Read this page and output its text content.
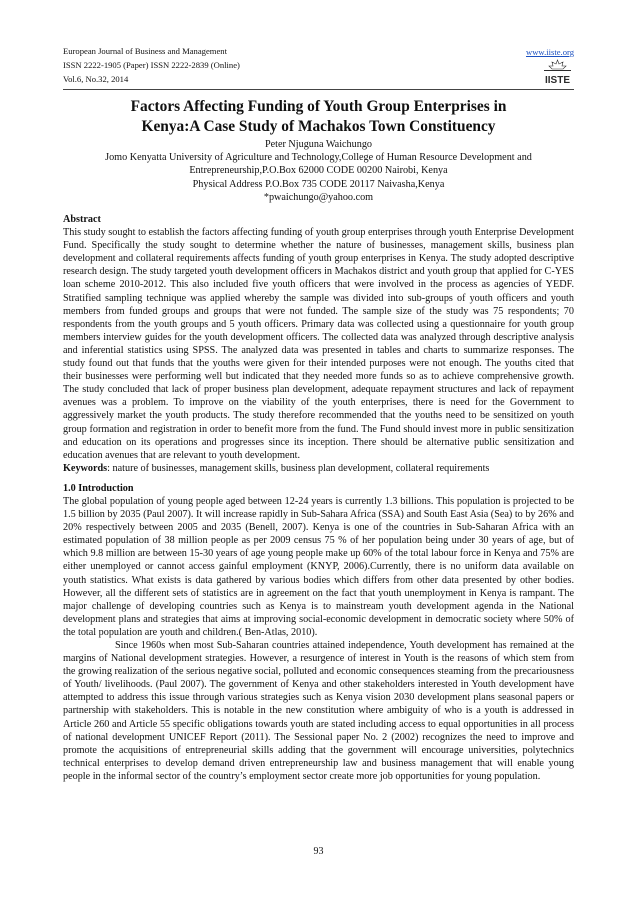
European Journal of Business and Management
ISSN 2222-1905 (Paper) ISSN 2222-2839 (Online)
Vol.6, No.32, 2014
www.iiste.org
IISTE
Factors Affecting Funding of Youth Group Enterprises in
Kenya:A Case Study of Machakos Town Constituency
Peter Njuguna Waichungo
Jomo Kenyatta University of Agriculture and Technology,College of Human Resource Development and
Entrepreneurship,P.O.Box 62000 CODE 00200 Nairobi, Kenya
Physical Address P.O.Box 735 CODE 20117 Naivasha,Kenya
*pwaichungo@yahoo.com

Abstract

This study sought to establish the factors affecting funding of youth group enterprises through youth Enterprise Development Fund. Specifically the study sought to determine whether the nature of businesses, management skills, business plan development and collateral requirements affects funding of youth group enterprises in Kenya. The study adopted descriptive research design. The study targeted youth development officers in Machakos district and youth group that applied for C-YES loan scheme 2010-2012. This also included five youth officers that were involved in the process as agencies of YEDF. Stratified sampling technique was applied whereby the sample was divided into sub-groups of youth officers and youth members from funded groups and groups that were not funded. The sample size of the study was 75 respondents; 70 respondents from the youth groups and 5 youth officers. Primary data was collected using a questionnaire for youth group members interview guides for the youth development officers. The collected data was analyzed through descriptive analysis and inferential statistics using SPSS. The analyzed data was presented in tables and charts to summarize responses. The study found out that funds that the youths were given for their intended purposes were not enough. The youths cited that their businesses were performing well but indicated that they needed more funds so as to achieve comprehensive growth. The study concluded that lack of proper business plan development, adequate repayment structures and lack of repayment avenues was a problem. To improve on the viability of the youth enterprises, there is need for the Government to aggressively market the youth products. The study therefore recommended that the youths need to be sensitized on youth group formation and registration in order to benefit more from the fund. The Fund should invest more in public sensitization and education on its operations and progresses since its inception. There should be alternative public sensitization and education avenues that are relevant to youth development.

Keywords: nature of businesses, management skills, business plan development, collateral requirements

1.0 Introduction

The global population of young people aged between 12-24 years is currently 1.3 billions. This population is projected to be 1.5 billion by 2035 (Paul 2007). It will increase rapidly in Sub-Sahara Africa (SSA) and South East Asia (Sea) to by 26% and 20% respectively between 2005 and 2035 (Benell, 2007). Kenya is one of the countries in Sub-Saharan Africa with an estimated population of 38 million people as per 2009 census 75 % of her population being under 30 years of age, but of which 9.8 million are between 15-30 years of age young people make up 60% of the total labour force in Kenya and 75% are either unemployed or cannot access gainful employment (KNYP, 2006).Currently, there is no uniform data available on youth statistics. What exists is data gathered by various bodies which differs from other data presented by other bodies. However, all the different sets of statistics are in agreement on the fact that youth unemployment in Kenya is rampant. The major challenge of developing countries such as Kenya is to mainstream youth development agenda in the National development plans and strategies that aims at improving social-economic development in democratic society where 50% of the total population are youth and children.( Ben-Atlas, 2010).

Since 1960s when most Sub-Saharan countries attained independence, Youth development has remained at the margins of National development strategies. However, a resurgence of interest in Youth is the reasons of which stem from the growing realization of the serious negative social, polluted and economic consequences steaming from the precariousness of Youth/ livelihoods. (Paul 2007). The government of Kenya and other stakeholders interested in Youth development have attempted to address this issue through various strategies such as Kenya vision 2030 development plans seasonal papers or partnership with stakeholders. This is notable in the new constitution where ambiguity of who is a youth is addressed in Article 260 and Article 55 specific obligations towards youth are stated including access to equal opportunities in all process of national development UNICEF Report (2011). The Sessional paper No. 2 (2002) recognizes the need to improve and promote the acquisitions of entrepreneurial skills adding that the government will encourage universities, polytechnics technical enterprises to develop demand driven entrepreneurship law and business management that will enable young people in the informal sector of the country’s employment sector create more job opportunities for young population.

93
